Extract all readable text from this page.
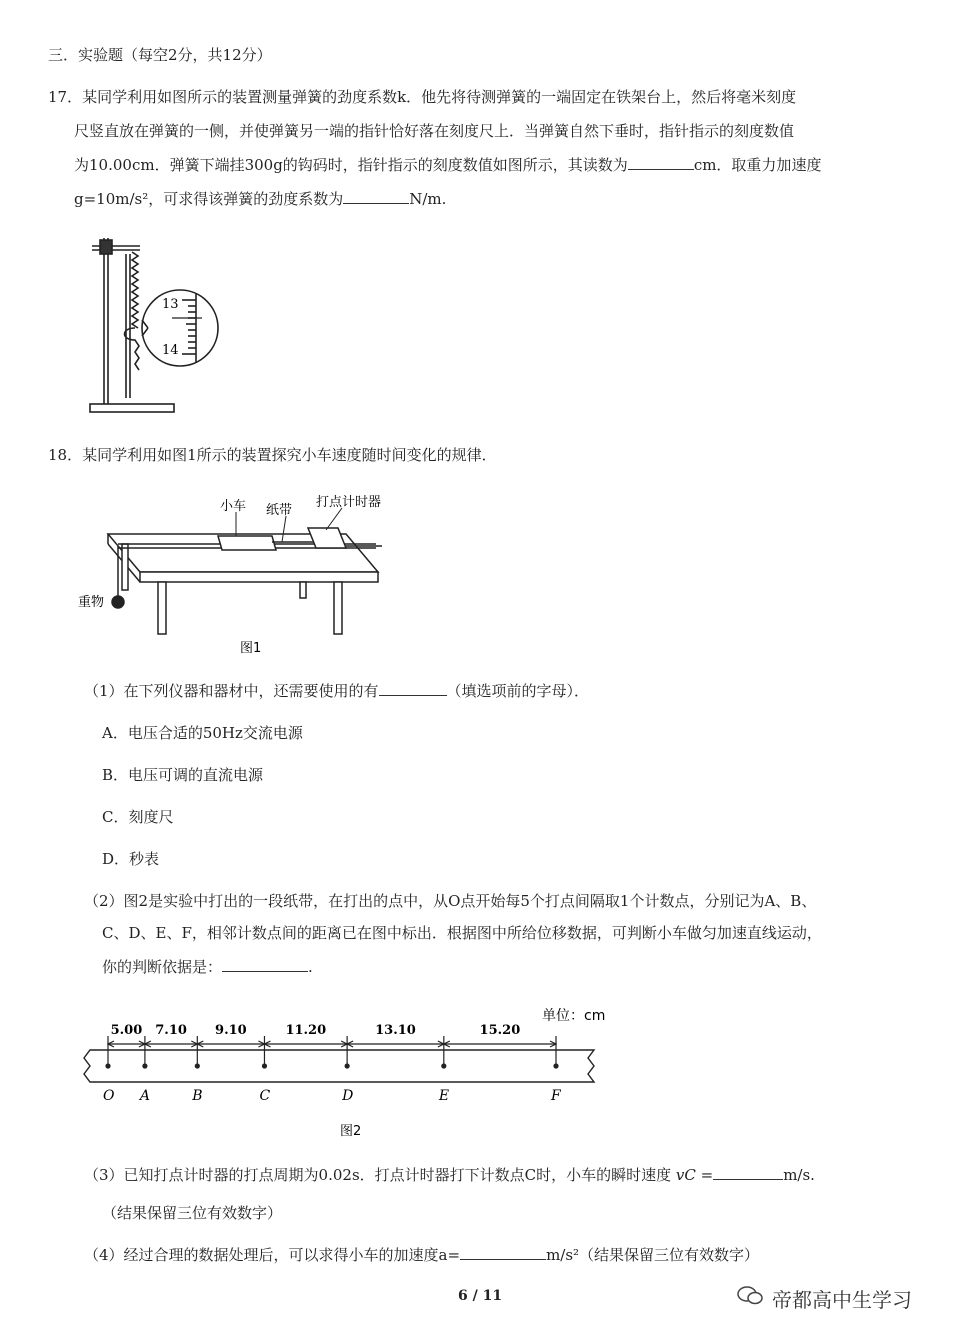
三．实验题（每空2分，共12分）
17．某同学利用如图所示的装置测量弹簧的劲度系数k．他先将待测弹簧的一端固定在铁架台上，然后将毫米刻度
尺竖直放在弹簧的一侧，并使弹簧另一端的指针恰好落在刻度尺上．当弹簧自然下垂时，指针指示的刻度数值
为10.00cm．弹簧下端挂300g的钩码时，指针指示的刻度数值如图所示，其读数为	cm．取重力加速度
g=10m/s²，可求得该弹簧的劲度系数为	N/m.
13
14
18．某同学利用如图1所示的装置探究小车速度随时间变化的规律．
小车 纸带
打点计时器
重物
图1
（1）在下列仪器和器材中，还需要使用的有	（填选项前的字母）．
A．电压合适的50Hz交流电源
B．电压可调的直流电源
C．刻度尺
D．秒表
（2）图2是实验中打出的一段纸带，在打出的点中，从O点开始每5个打点间隔取1个计数点，分别记为A、B、
C、D、E、F，相邻计数点间的距离已在图中标出．根据图中所给位移数据，可判断小车做匀加速直线运动，
你的判断依据是：	.
单位：cm
O A	B	C	D	E	F
5.00 7.10 9.10	11.20	13.10	15.20
图2
（3）已知打点计时器的打点周期为0.02s．打点计时器打下计数点C时，小车的瞬时速度 vC =	m/s.
（结果保留三位有效数字）
（4）经过合理的数据处理后，可以求得小车的加速度a=	m/s²（结果保留三位有效数字）
6 / 11	帝都高中生学习
